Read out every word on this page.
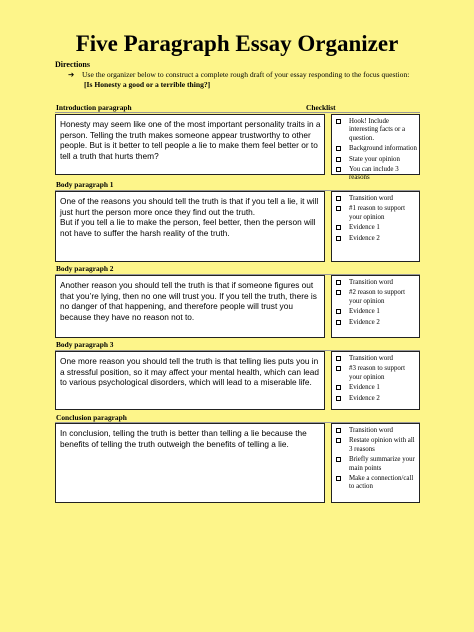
Five Paragraph Essay Organizer
Directions
➔ Use the organizer below to construct a complete rough draft of your essay responding to the focus question:
[Is Honesty a good or a terrible thing?]
Introduction paragraph	Checklist

Honesty may seem like one of the most important personality traits in a person. Telling the truth makes someone appear trustworthy to other people. But is it better to tell people a lie to make them feel better or to tell a truth that hurts them?

Hook! Include interesting facts or a question.
Background information
State your opinion
You can include 3 reasons
Body paragraph 1

One of the reasons you should tell the truth is that if you tell a lie, it will just hurt the person more once they find out the truth.

But if you tell a lie to make the person, feel better, then the person will not have to suffer the harsh reality of the truth.

Transition word
#1 reason to support your opinion
Evidence 1
Evidence 2
Body paragraph 2

Another reason you should tell the truth is that if someone figures out that you’re lying, then no one will trust you. If you tell the truth, there is no danger of that happening, and therefore people will trust you because they have no reason not to.

Transition word
#2 reason to support your opinion
Evidence 1
Evidence 2
Body paragraph 3

One more reason you should tell the truth is that telling lies puts you in a stressful position, so it may affect your mental health, which can lead to various psychological disorders, which will lead to a miserable life.

Transition word
#3 reason to support your opinion
Evidence 1
Evidence 2
Conclusion paragraph

In conclusion, telling the truth is better than telling a lie because the benefits of telling the truth outweigh the benefits of telling a lie.

Transition word
Restate opinion with all 3 reasons
Briefly summarize your main points
Make a connection/call to action
